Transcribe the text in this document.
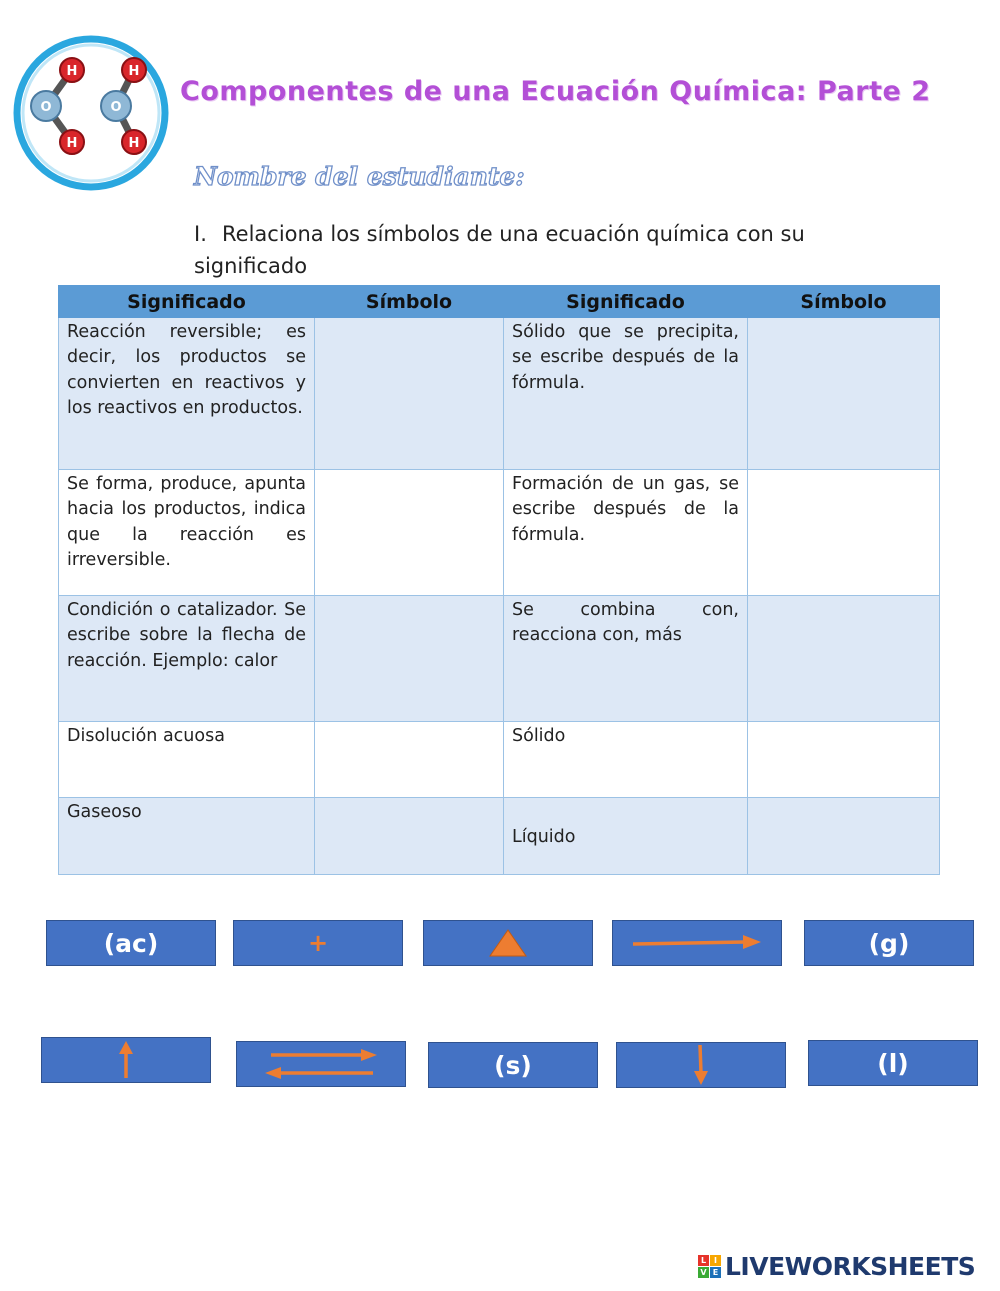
H
H
H
H
O	O
Componentes de una Ecuación Química: Parte 2
Nombre del estudiante:
I. Relaciona los símbolos de una ecuación química con su significado
Significado	Símbolo	Significado	Símbolo
Reacción reversible; es decir, los productos se convierten en reactivos y los reactivos en productos.		Sólido que se precipita, se escribe después de la fórmula.	
Se forma, produce, apunta hacia los productos, indica que la reacción es irreversible.		Formación de un gas, se escribe después de la fórmula.	
Condición o catalizador. Se escribe sobre la flecha de reacción. Ejemplo: calor		Se combina con, reacciona con, más	
Disolución acuosa		Sólido	
Gaseoso		Líquido	
(ac)	+	(g)
(s)	(l)
L I
V E LIVEWORKSHEETS
